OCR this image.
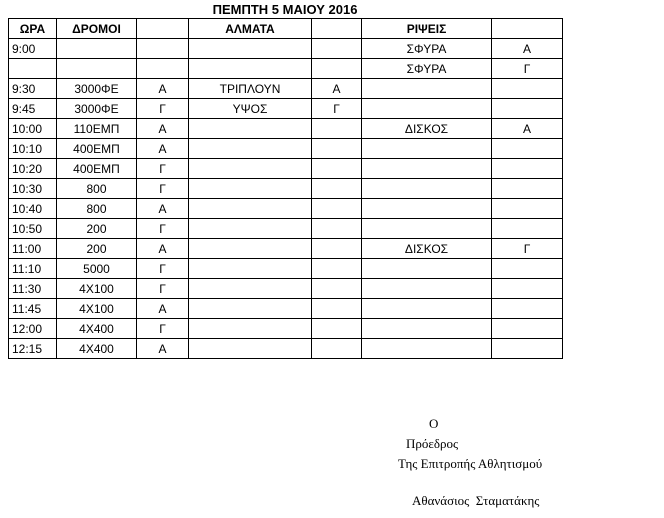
ΠΕΜΠΤΗ 5 ΜΑΙΟΥ 2016
ΩΡΑ	ΔΡΟΜΟΙ		ΑΛΜΑΤΑ		ΡΙΨΕΙΣ	
9:00					ΣΦΥΡΑ	Α
					ΣΦΥΡΑ	Γ
9:30	3000ΦΕ	Α	ΤΡΙΠΛΟΥΝ	Α		
9:45	3000ΦΕ	Γ	ΥΨΟΣ	Γ		
10:00	110ΕΜΠ	Α			ΔΙΣΚΟΣ	Α
10:10	400ΕΜΠ	Α				
10:20	400ΕΜΠ	Γ				
10:30	800	Γ				
10:40	800	Α				
10:50	200	Γ				
11:00	200	Α			ΔΙΣΚΟΣ	Γ
11:10	5000	Γ				
11:30	4Χ100	Γ				
11:45	4Χ100	Α				
12:00	4Χ400	Γ				
12:15	4Χ400	Α				
Ο
Πρόεδρος
Της Επιτροπής Αθλητισμού
Αθανάσιος  Σταματάκης
